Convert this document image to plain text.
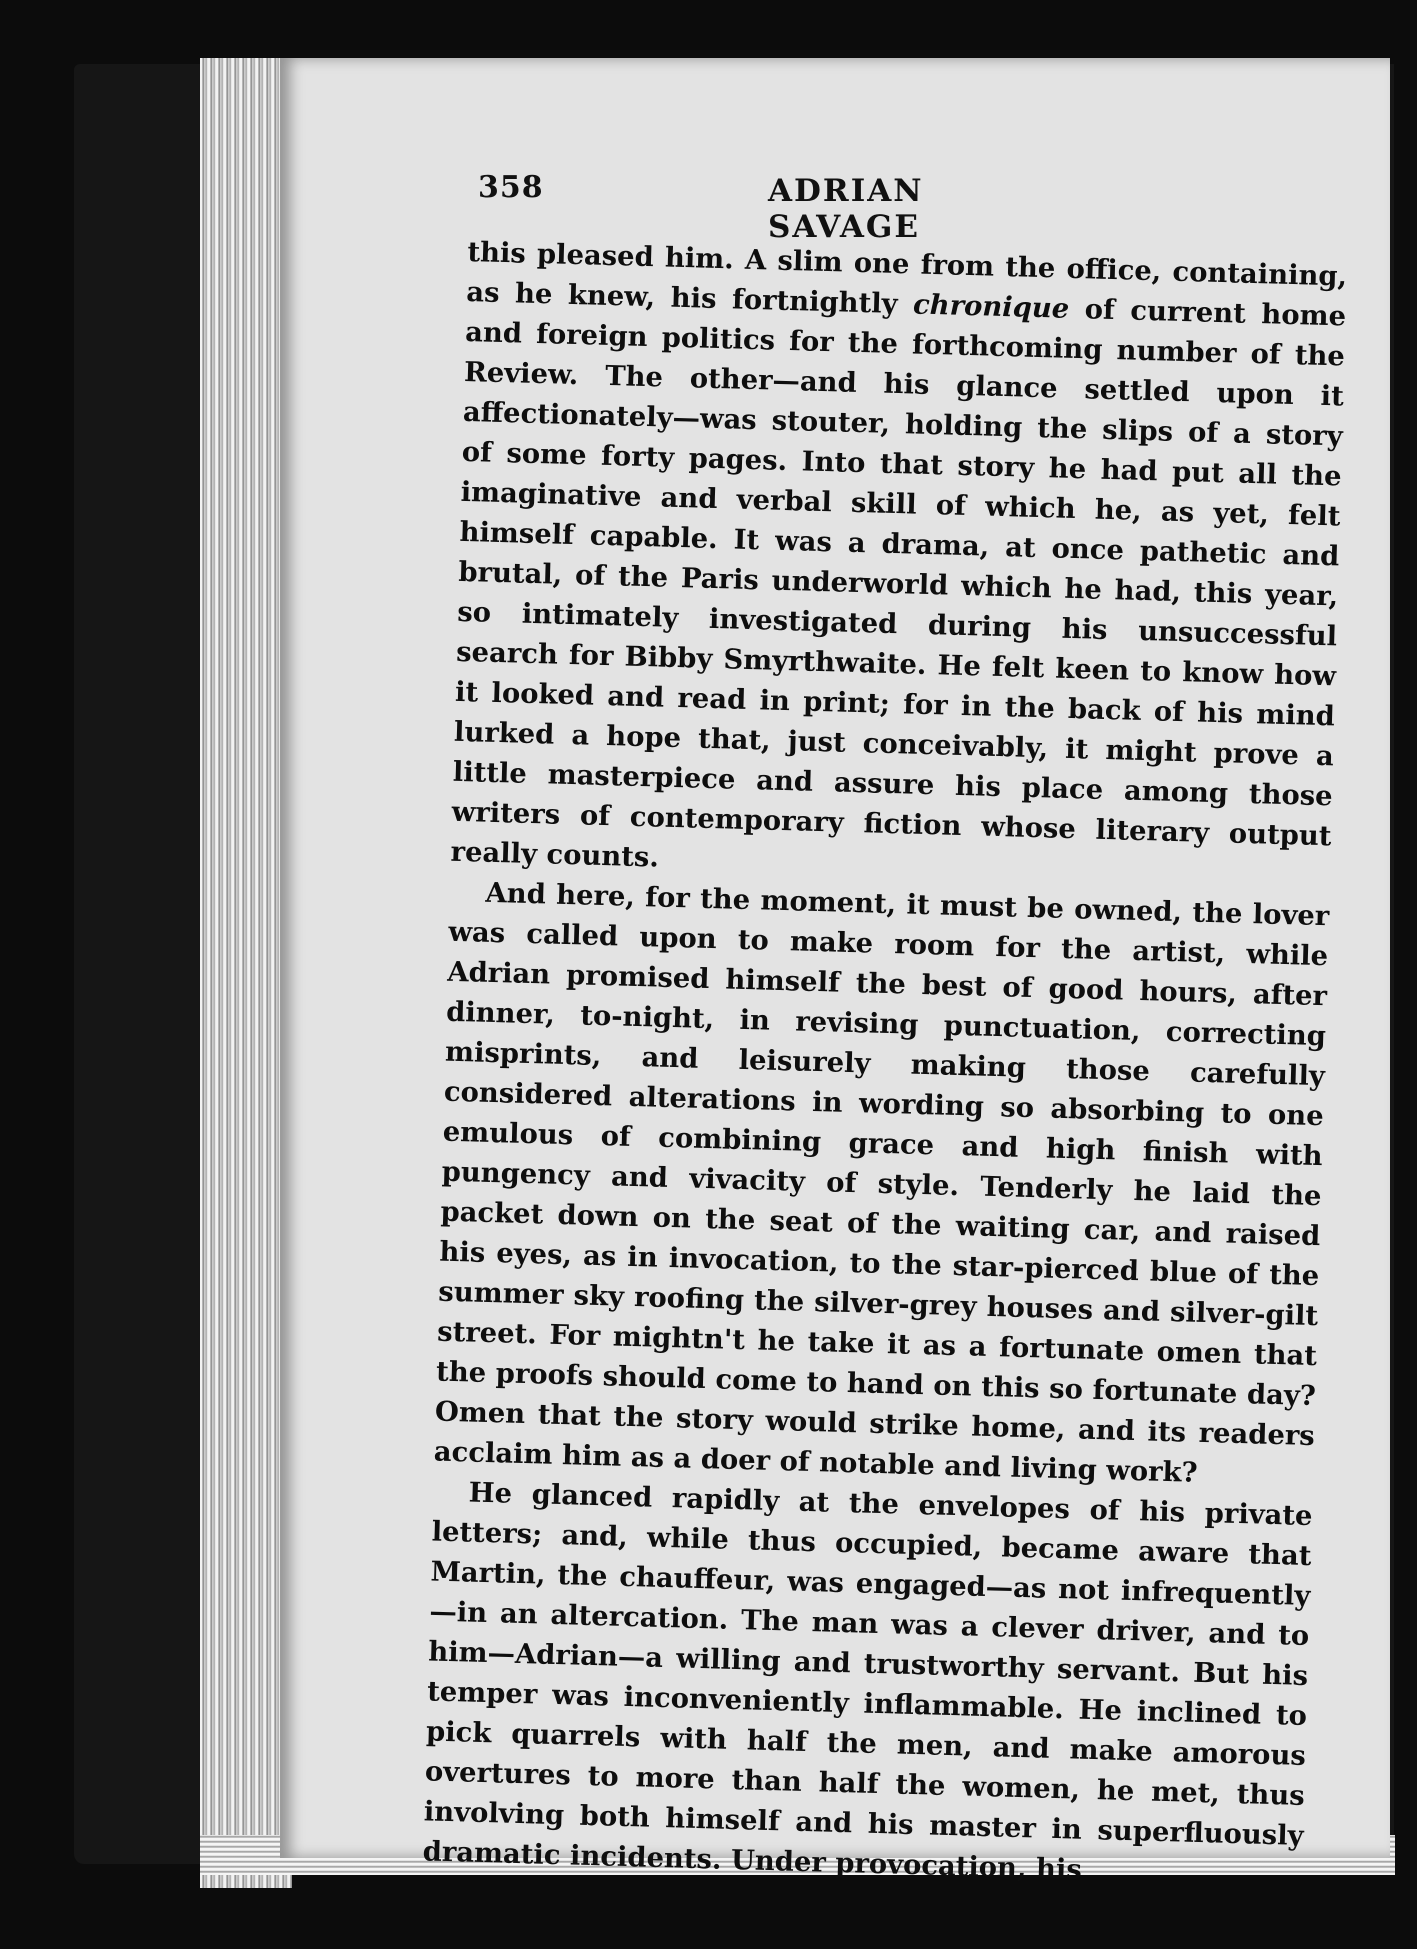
358	ADRIAN SAVAGE

this pleased him. A slim one from the office, containing, as he knew, his fortnightly chronique of current home and foreign politics for the forthcoming number of the Review. The other—and his glance settled upon it affectionately—was stouter, holding the slips of a story of some forty pages. Into that story he had put all the imaginative and verbal skill of which he, as yet, felt himself capable. It was a drama, at once pathetic and brutal, of the Paris underworld which he had, this year, so intimately investigated during his unsuccessful search for Bibby Smyrthwaite. He felt keen to know how it looked and read in print; for in the back of his mind lurked a hope that, just conceivably, it might prove a little masterpiece and assure his place among those writers of contemporary fiction whose literary output really counts.

And here, for the moment, it must be owned, the lover was called upon to make room for the artist, while Adrian promised himself the best of good hours, after dinner, to-night, in revising punctuation, correcting misprints, and leisurely making those carefully considered alterations in wording so absorbing to one emulous of combining grace and high finish with pungency and vivacity of style. Tenderly he laid the packet down on the seat of the waiting car, and raised his eyes, as in invocation, to the star-pierced blue of the summer sky roofing the silver-grey houses and silver-gilt street. For mightn't he take it as a fortunate omen that the proofs should come to hand on this so fortunate day? Omen that the story would strike home, and its readers acclaim him as a doer of notable and living work?

He glanced rapidly at the envelopes of his private letters; and, while thus occupied, became aware that Martin, the chauffeur, was engaged—as not infrequently—in an altercation. The man was a clever driver, and to him—Adrian—a willing and trustworthy servant. But his temper was inconveniently inflammable. He inclined to pick quarrels with half the men, and make amorous overtures to more than half the women, he met, thus involving both himself and his master in superfluously dramatic incidents. Under provocation, his
